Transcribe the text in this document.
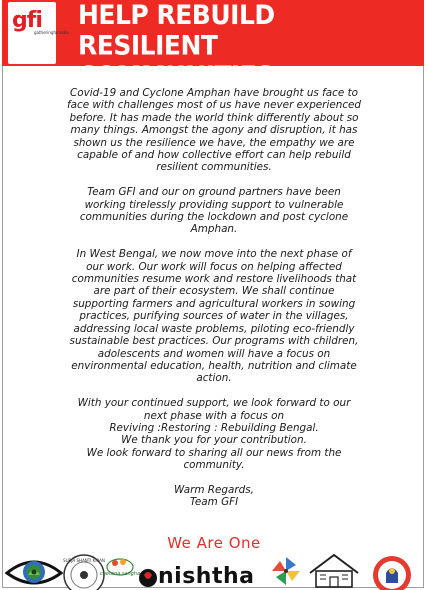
gfi
gatheringforindia
HELP REBUILD
RESILIENT COMMUNITIES

Covid-19 and Cyclone Amphan have brought us face to
face with challenges most of us have never experienced
before. It has made the world think differently about so
many things. Amongst the agony and disruption, it has
shown us the resilience we have, the empathy we are
capable of and how collective effort can help rebuild
resilient communities.

Team GFI and our on ground partners have been
working tirelessly providing support to vulnerable
communities during the lockdown and post cyclone
Amphan.

In West Bengal, we now move into the next phase of
our work. Our work will focus on helping affected
communities resume work and restore livelihoods that
are part of their ecosystem. We shall continue
supporting farmers and agricultural workers in sowing
practices, purifying sources of water in the villages,
addressing local waste problems, piloting eco-friendly
sustainable best practices. Our programs with children,
adolescents and women will have a focus on
environmental education, health, nutrition and climate
action.

With your continued support, we look forward to our
next phase with a focus on
Reviving :Restoring : Rebuilding Bengal.
We thank you for your contribution.
We look forward to sharing all our news from the
community.

Warm Regards,
Team GFI
We Are One
SURJA SHANTI KIRAN
chetana sangha nishtha
